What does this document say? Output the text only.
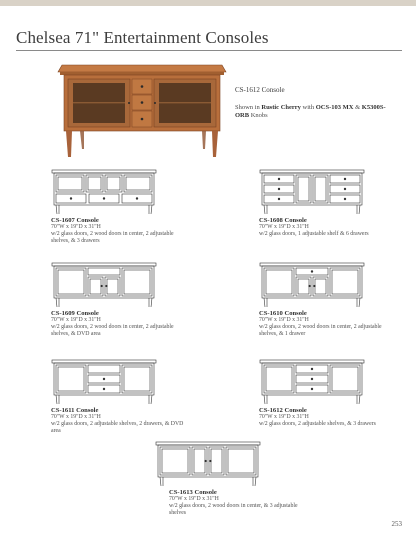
Chelsea 71" Entertainment Consoles
CS-1612 Console
Shown in Rustic Cherry with OCS-103 MX & K5300S-ORB Knobs
CS-1607 Console
70"W x 19"D x 31"H
w/2 glass doors, 2 wood doors in center, 2 adjustable shelves, & 3 drawers
CS-1608 Console
70"W x 19"D x 31"H
w/2 glass doors, 1 adjustable shelf & 6 drawers
CS-1609 Console
70"W x 19"D x 31"H
w/2 glass doors, 2 wood doors in center, 2 adjustable shelves, & DVD area
CS-1610 Console
70"W x 19"D x 31"H
w/2 glass doors, 2 wood doors in center, 2 adjustable shelves, & 1 drawer
CS-1611 Console
70"W x 19"D x 31"H
w/2 glass doors, 2 adjustable shelves, 2 drawers, & DVD area
CS-1612 Console
70"W x 19"D x 31"H
w/2 glass doors, 2 adjustable shelves, & 3 drawers
CS-1613 Console
70"W x 19"D x 31"H
w/2 glass doors, 2 wood doors in center, & 3 adjustable shelves
253
